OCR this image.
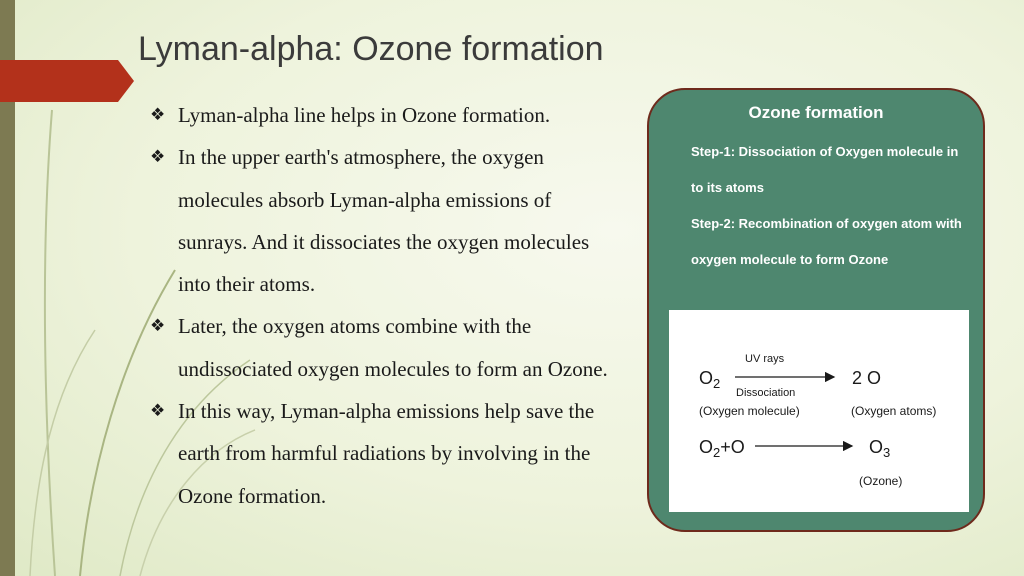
Lyman-alpha: Ozone formation
❖ Lyman-alpha line helps in Ozone formation.
❖ In the upper earth's atmosphere, the oxygen molecules absorb Lyman-alpha emissions of sunrays. And it dissociates the oxygen molecules into their atoms.
❖ Later, the oxygen atoms combine with the undissociated oxygen molecules to form an Ozone.
❖ In this way, Lyman-alpha emissions help save the earth from harmful radiations by involving in the Ozone formation.
Ozone formation
Step-1: Dissociation of Oxygen molecule in to its atoms
Step-2: Recombination of oxygen atom with oxygen molecule to form Ozone
$O_2$
UV rays
Dissociation
2 O
(Oxygen molecule)	(Oxygen atoms)
$O_2+O$	$O_3$
(Ozone)
